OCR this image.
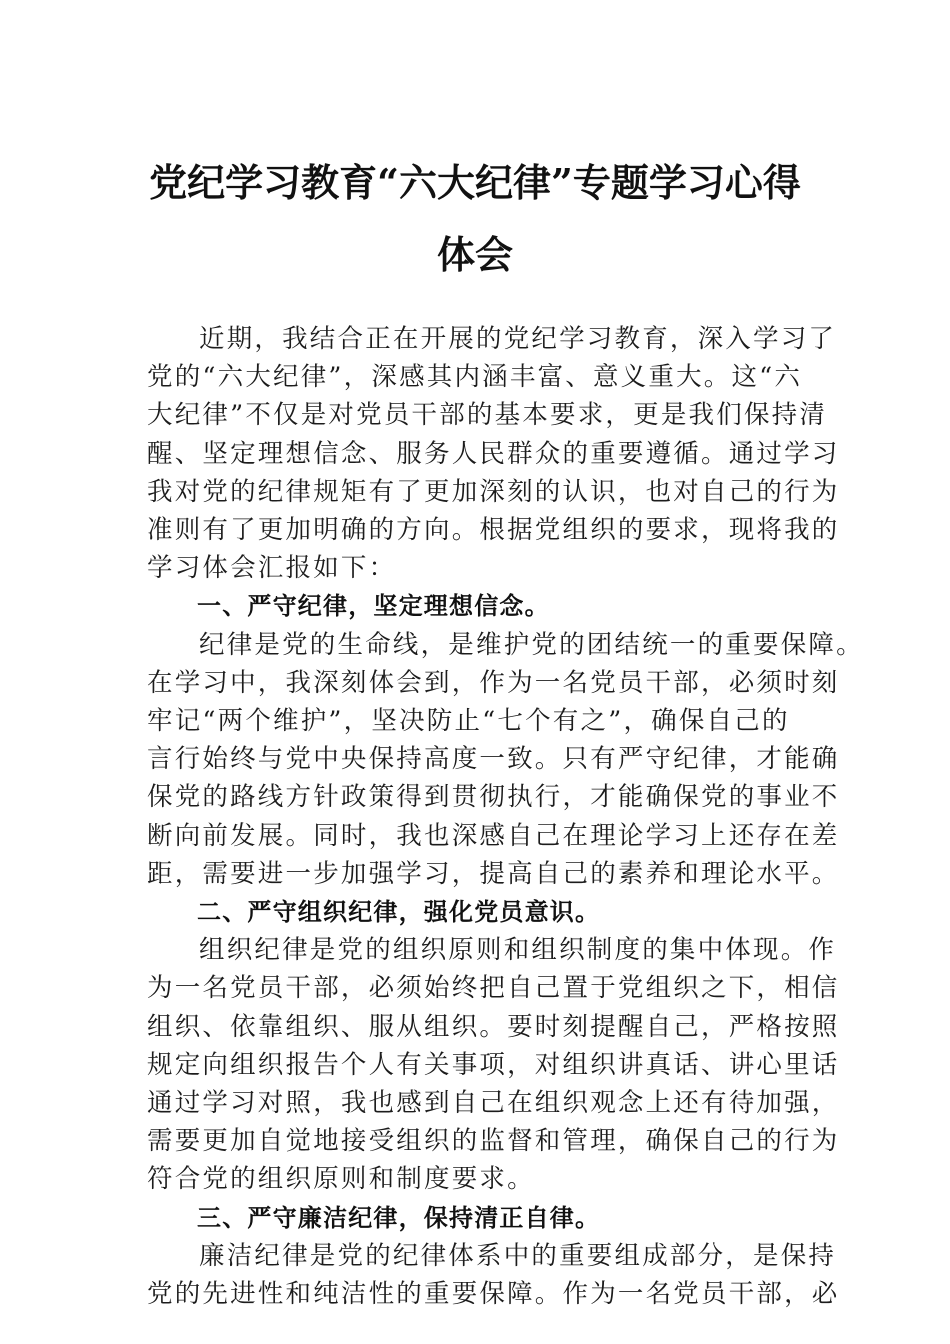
党纪学习教育“六大纪律”专题学习心得
体会

近期，我结合正在开展的党纪学习教育，深入学习了
党的“六大纪律”，深感其内涵丰富、意义重大。这“六
大纪律”不仅是对党员干部的基本要求，更是我们保持清
醒、坚定理想信念、服务人民群众的重要遵循。通过学习
我对党的纪律规矩有了更加深刻的认识，也对自己的行为
准则有了更加明确的方向。根据党组织的要求，现将我的
学习体会汇报如下：

一、严守纪律，坚定理想信念。

纪律是党的生命线，是维护党的团结统一的重要保障。
在学习中，我深刻体会到，作为一名党员干部，必须时刻
牢记“两个维护”，坚决防止“七个有之”，确保自己的
言行始终与党中央保持高度一致。只有严守纪律，才能确
保党的路线方针政策得到贯彻执行，才能确保党的事业不
断向前发展。同时，我也深感自己在理论学习上还存在差
距，需要进一步加强学习，提高自己的素养和理论水平。

二、严守组织纪律，强化党员意识。

组织纪律是党的组织原则和组织制度的集中体现。作
为一名党员干部，必须始终把自己置于党组织之下，相信
组织、依靠组织、服从组织。要时刻提醒自己，严格按照
规定向组织报告个人有关事项，对组织讲真话、讲心里话
通过学习对照，我也感到自己在组织观念上还有待加强，
需要更加自觉地接受组织的监督和管理，确保自己的行为
符合党的组织原则和制度要求。

三、严守廉洁纪律，保持清正自律。

廉洁纪律是党的纪律体系中的重要组成部分，是保持
党的先进性和纯洁性的重要保障。作为一名党员干部，必
